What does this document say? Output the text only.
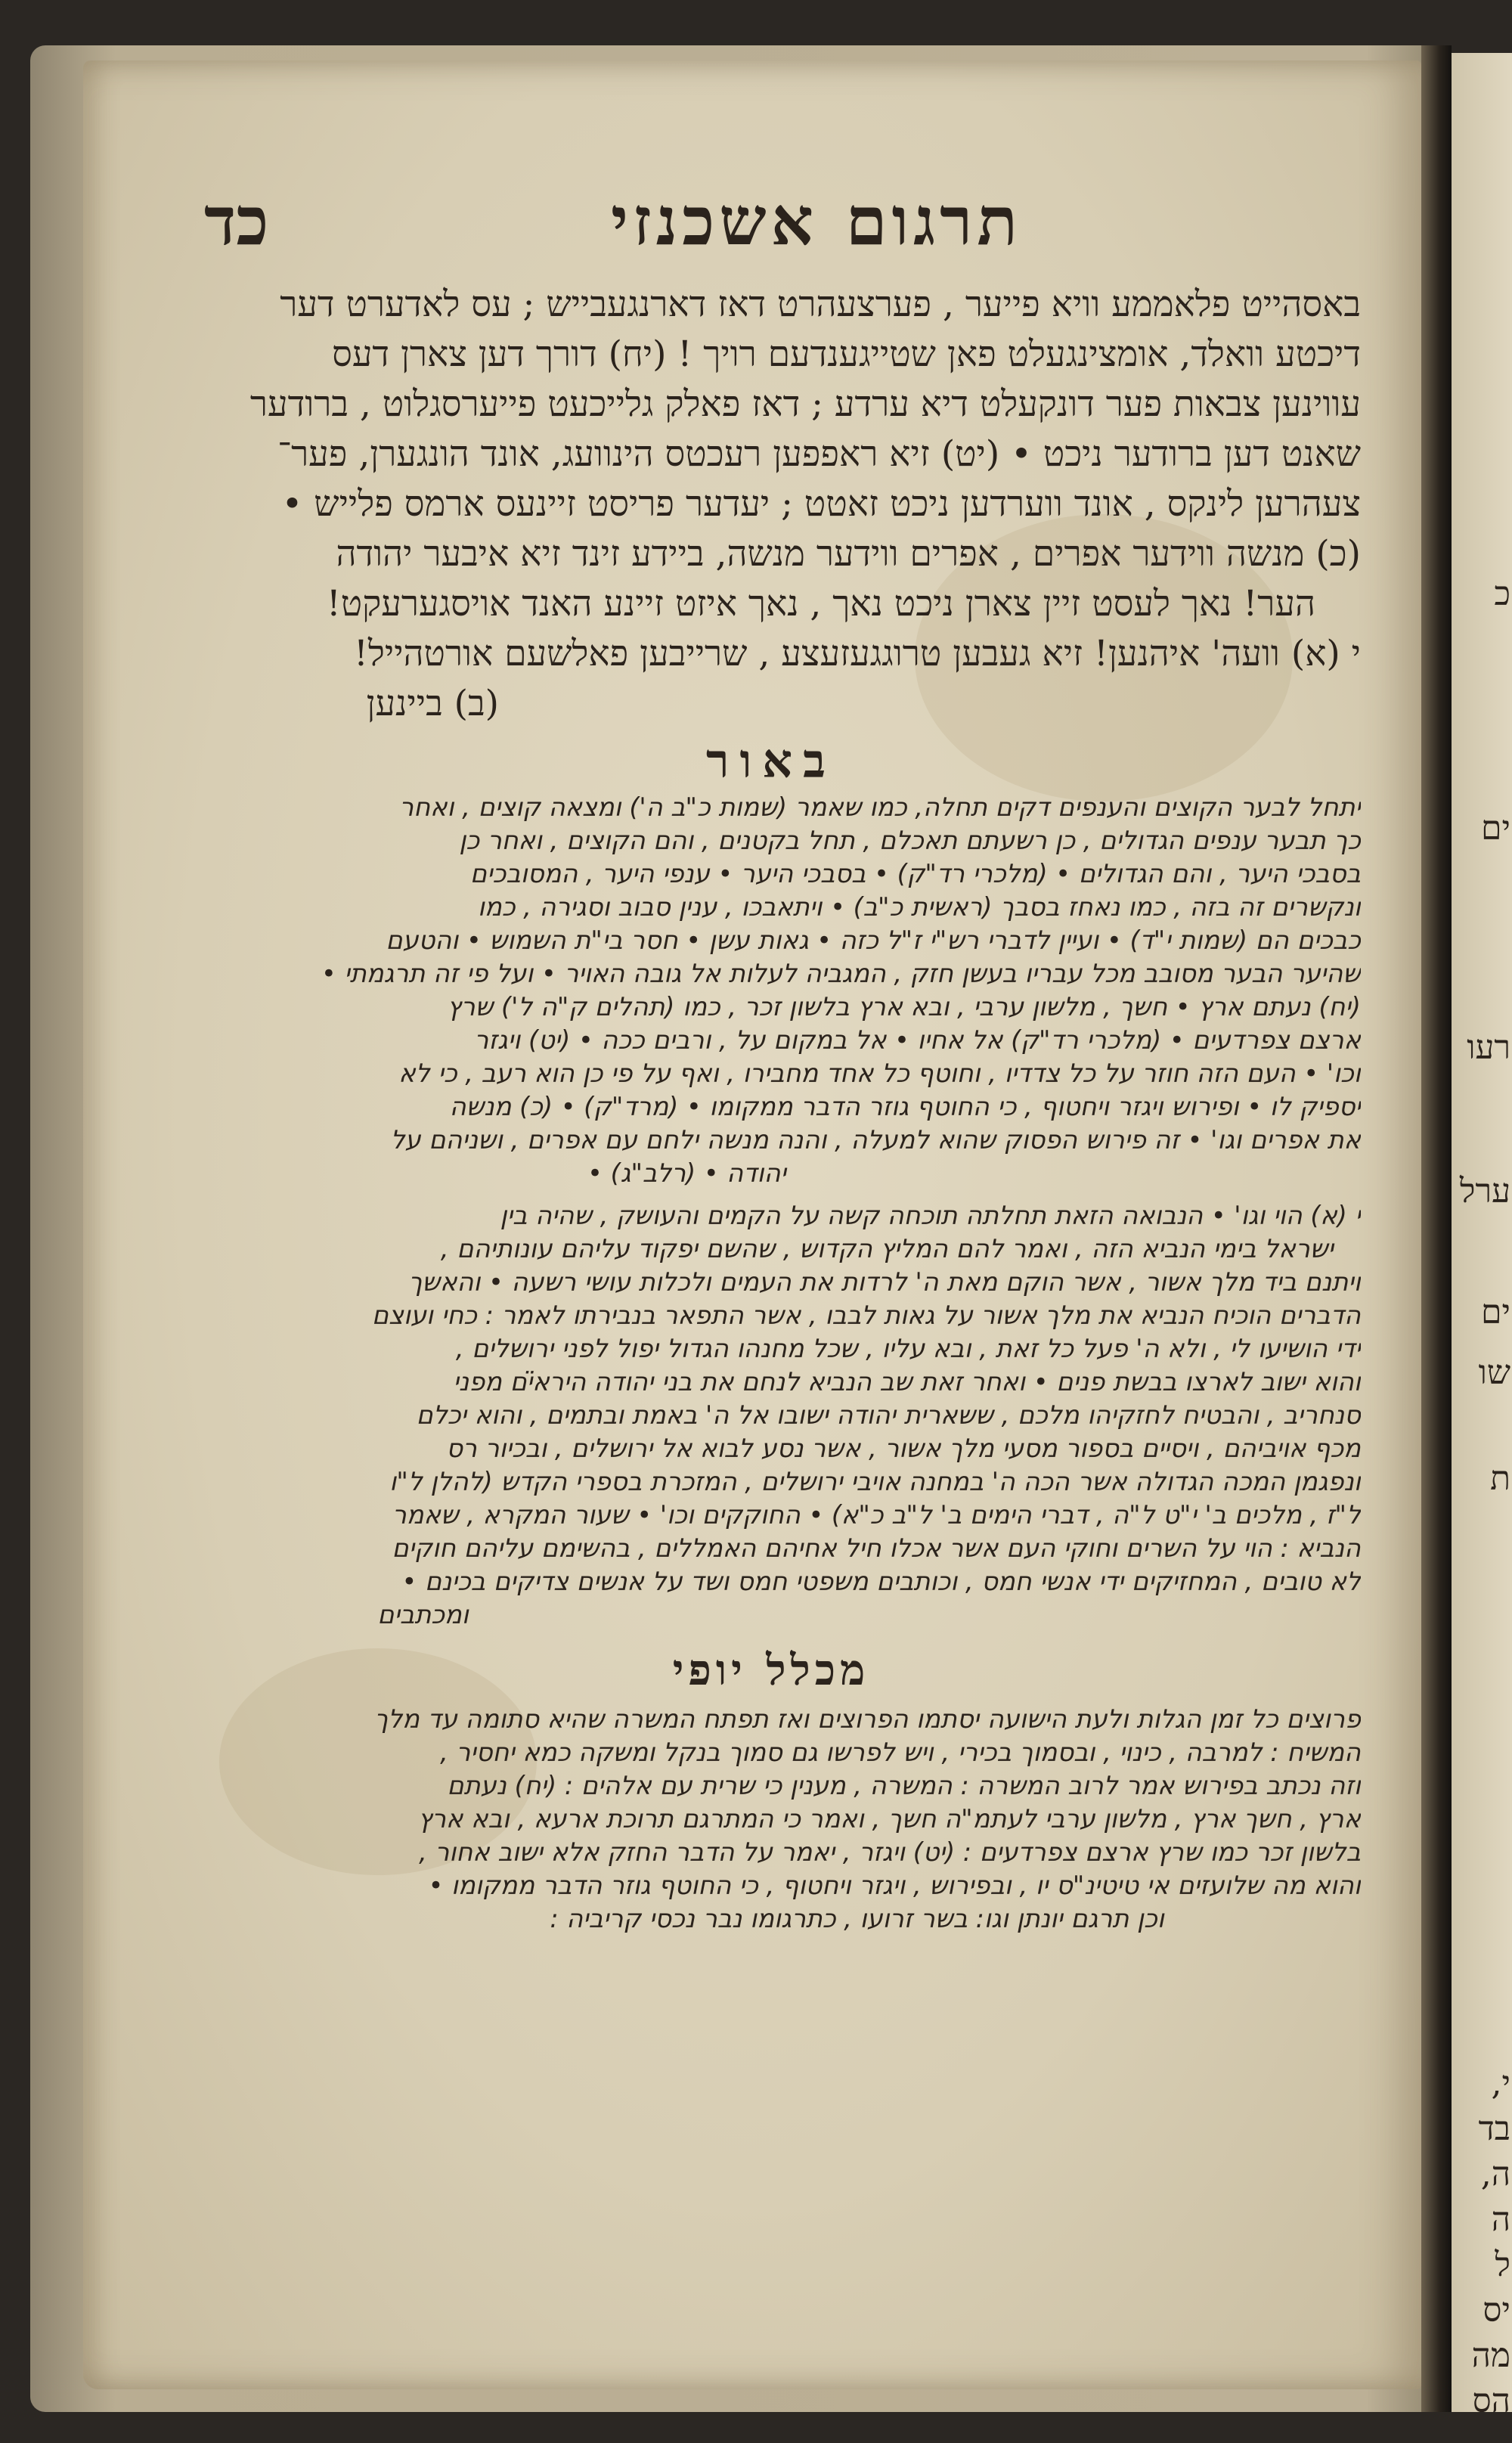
כ
ים
רעו
ערל
ים
שו
ת
י,
בד
ה,
ה
ל
יס
מה
הס
תרגום אשכנזי
כד
באסהייט פלאממע וויא פייער , פערצעהרט דאז דארנגעבייש ; עס לאדערט דער
דיכטע וואלד, אומצינגעלט פאן שטייגענדעם רויך ! (יח) דורך דען צארן דעס
עווינען צבאות פער דונקעלט דיא ערדע ; דאז פאלק גלייכעט פייערסגלוט , ברודער
שאנט דען ברודער ניכט • (יט) זיא ראפפען רעכטס הינוועג, אונד הונגערן, פער־
צעהרען לינקס , אונד ווערדען ניכט זאטט ; יעדער פריסט זיינעס ארמס פלייש •
(כ) מנשה ווידער אפרים , אפרים ווידער מנשה, ביידע זינד זיא איבער יהודה
הער! נאך לעסט זיין צארן ניכט נאך , נאך איזט זיינע האנד אויסגערעקט!
י (א) וועה' איהנען! זיא געבען טרוגגעזעצע , שרייבען פאלשעם אורטהייל!
(ב) ביינען
באור
יתחל לבער הקוצים והענפים דקים תחלה, כמו שאמר (שמות כ"ב ה') ומצאה קוצים , ואחר
כך תבער ענפים הגדולים , כן רשעתם תאכלם , תחל בקטנים , והם הקוצים , ואחר כן
בסבכי היער , והם הגדולים • (מלכרי רד"ק) • בסבכי היער • ענפי היער , המסובכים
ונקשרים זה בזה , כמו נאחז בסבך (ראשית כ"ב) • ויתאבכו , ענין סבוב וסגירה , כמו
כבכים הם (שמות י"ד) • ועיין לדברי רש"י ז"ל כזה • גאות עשן • חסר בי"ת השמוש • והטעם
שהיער הבער מסובב מכל עבריו בעשן חזק , המגביה לעלות אל גובה האויר • ועל פי זה תרגמתי •
(יח) נעתם ארץ • חשך , מלשון ערבי , ובא ארץ בלשון זכר , כמו (תהלים ק"ה ל') שרץ
ארצם צפרדעים • (מלכרי רד"ק) אל אחיו • אל במקום על , ורבים ככה • (יט) ויגזר
וכו' • העם הזה חוזר על כל צדדיו , וחוטף כל אחד מחבירו , ואף על פי כן הוא רעב , כי לא
יספיק לו • ופירוש ויגזר ויחטוף , כי החוטף גוזר הדבר ממקומו • (מרד"ק) • (כ) מנשה
את אפרים וגו' • זה פירוש הפסוק שהוא למעלה , והנה מנשה ילחם עם אפרים , ושניהם על
יהודה • (רלב"ג) •
י (א) הוי וגו' • הנבואה הזאת תחלתה תוכחה קשה על הקמים והעושק , שהיה בין
ישראל בימי הנביא הזה , ואמר להם המליץ הקדוש , שהשם יפקוד עליהם עונותיהם ,
ויתנם ביד מלך אשור , אשר הוקם מאת ה' לרדות את העמים ולכלות עושי רשעה • והאשך
הדברים הוכיח הנביא את מלך אשור על גאות לבבו , אשר התפאר בנבירתו לאמר : כחי ועוצם
ידי הושיעו לי , ולא ה' פעל כל זאת , ובא עליו , שכל מחנהו הגדול יפול לפני ירושלים ,
והוא ישוב לארצו בבשת פנים • ואחר זאת שב הנביא לנחם את בני יהודה הירא̈ים מפני
סנחריב , והבטיח לחזקיהו מלכם , ששארית יהודה ישובו אל ה' באמת ובתמים , והוא יכלם
מכף אויביהם , ויסיים בספור מסעי מלך אשור , אשר נסע לבוא אל ירושלים , ובכיור רס
ונפגמן המכה הגדולה אשר הכה ה' במחנה אויבי ירושלים , המזכרת בספרי הקדש (להלן ל"ו
ל"ז , מלכים ב' י"ט ל"ה , דברי הימים ב' ל"ב כ"א) • החוקקים וכו' • שעור המקרא , שאמר
הנביא : הוי על השרים וחוקי העם אשר אכלו חיל אחיהם האמללים , בהשימם עליהם חוקים
לא טובים , המחזיקים ידי אנשי חמס , וכותבים משפטי חמס ושד על אנשים צדיקים בכינם •
ומכתבים
מכלל יופי
פרוצים כל זמן הגלות ולעת הישועה יסתמו הפרוצים ואז תפתח המשרה שהיא סתומה עד מלך
המשיח : למרבה , כינוי , ובסמוך בכירי , ויש לפרשו גם סמוך בנקל ומשקה כמא יחסיר ,
וזה נכתב בפירוש אמר לרוב המשרה : המשרה , מענין כי שרית עם אלהים : (יח) נעתם
ארץ , חשך ארץ , מלשון ערבי לעתמ"ה חשך , ואמר כי המתרגם תרוכת ארעא , ובא ארץ
בלשון זכר כמו שרץ ארצם צפרדעים : (יט) ויגזר , יאמר על הדבר החזק אלא ישוב אחור ,
והוא מה שלועזים אי טיטינ"ס יו , ובפירוש , ויגזר ויחטוף , כי החוטף גוזר הדבר ממקומו •
וכן תרגם יונתן וגו: בשר זרועו , כתרגומו נבר נכסי קריביה :
